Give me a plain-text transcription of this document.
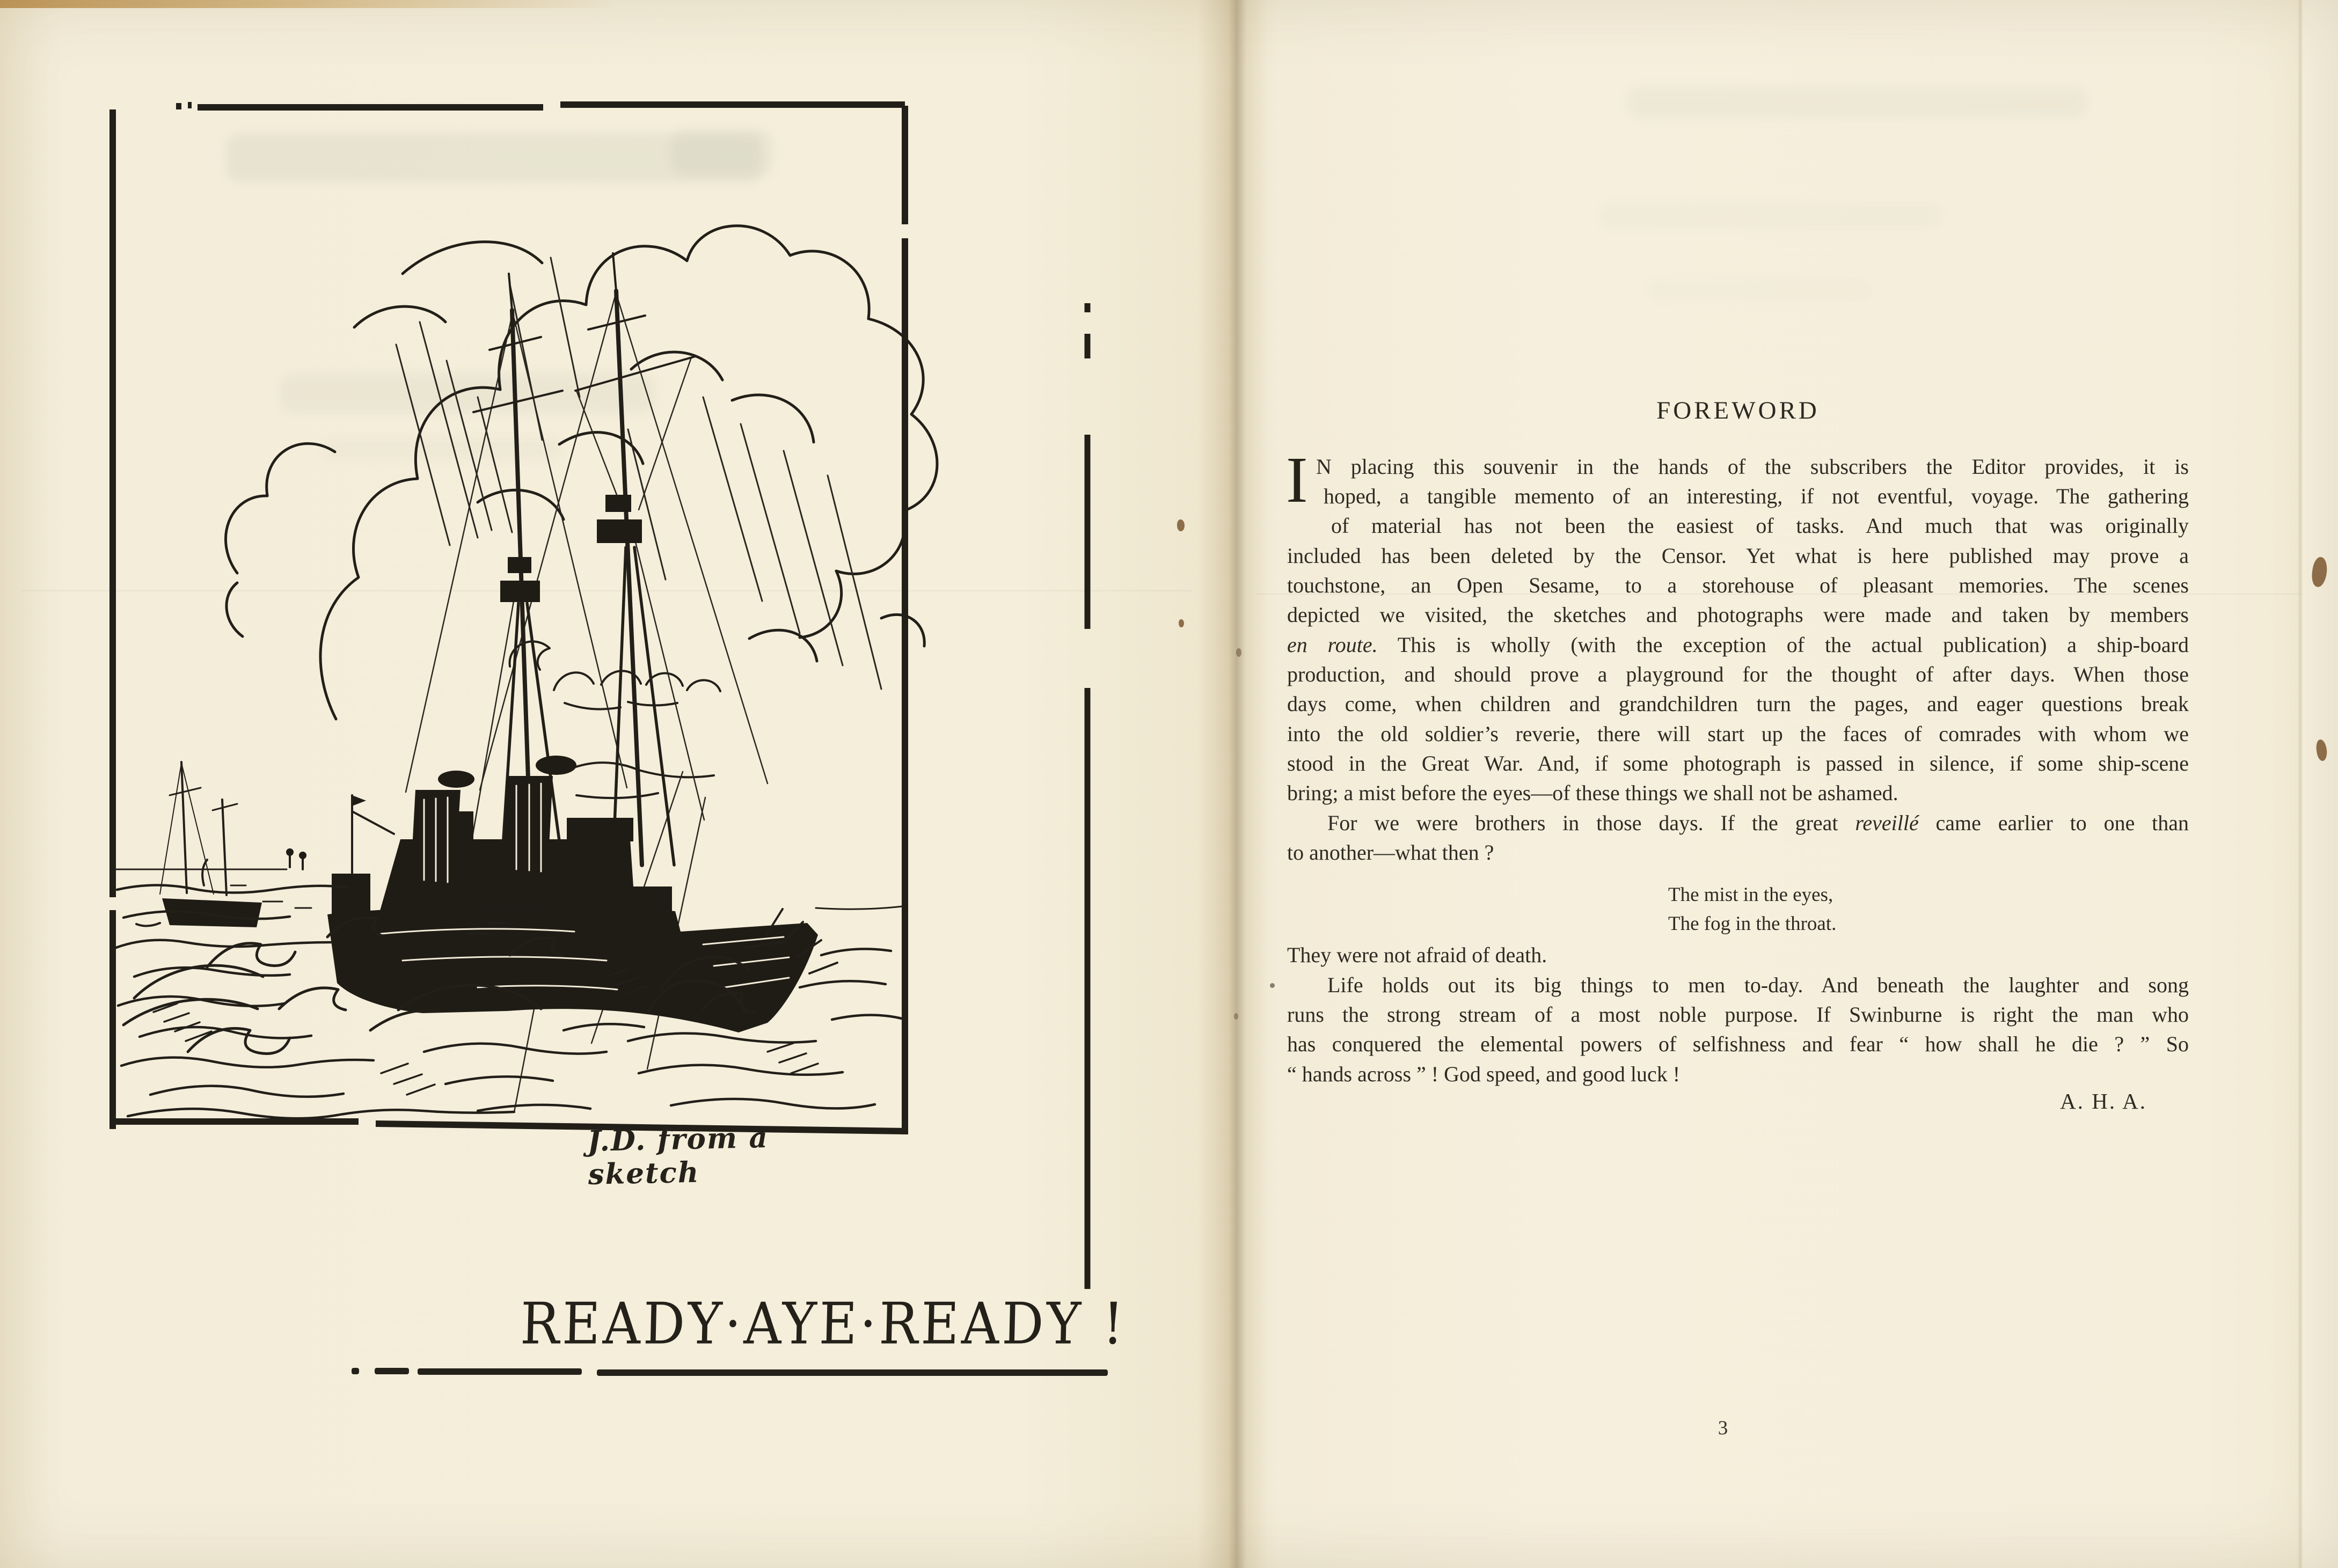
J.D. from a sketch
READY·AYE·READY !
FOREWORD
I N placing this souvenir in the hands of the subscribers the Editor provides, it is
hoped, a tangible memento of an interesting, if not eventful, voyage. The gathering
of material has not been the easiest of tasks. And much that was originally
included has been deleted by the Censor. Yet what is here published may prove a
touchstone, an Open Sesame, to a storehouse of pleasant memories. The scenes
depicted we visited, the sketches and photographs were made and taken by members
en route. This is wholly (with the exception of the actual publication) a ship-board
production, and should prove a playground for the thought of after days. When those
days come, when children and grandchildren turn the pages, and eager questions break
into the old soldier’s reverie, there will start up the faces of comrades with whom we
stood in the Great War. And, if some photograph is passed in silence, if some ship-scene
bring; a mist before the eyes—of these things we shall not be ashamed.
For we were brothers in those days. If the great reveillé came earlier to one than
to another—what then ?
The mist in the eyes,
The fog in the throat.
They were not afraid of death.
Life holds out its big things to men to-day. And beneath the laughter and song
runs the strong stream of a most noble purpose. If Swinburne is right the man who
has conquered the elemental powers of selfishness and fear “ how shall he die ? ” So
“ hands across ” ! God speed, and good luck !
A. H. A.
3
